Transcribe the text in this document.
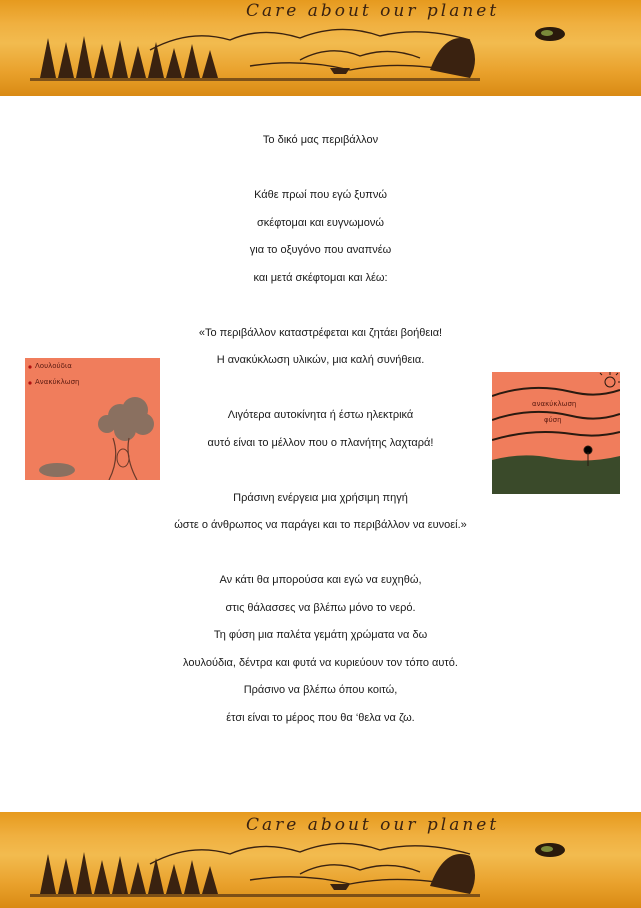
Care about our planet

Το δικό μας περιβάλλον

Κάθε πρωί που εγώ ξυπνώ

σκέφτομαι και ευγνωμονώ

για το οξυγόνο που αναπνέω

και μετά σκέφτομαι και λέω:

«Το περιβάλλον καταστρέφεται και ζητάει βοήθεια!

Η ανακύκλωση υλικών, μια καλή συνήθεια.

Λιγότερα αυτοκίνητα ή έστω ηλεκτρικά

αυτό είναι το μέλλον που ο πλανήτης λαχταρά!

Πράσινη ενέργεια μια χρήσιμη πηγή

ώστε ο άνθρωπος να παράγει και το περιβάλλον να ευνοεί.»

Αν κάτι θα μπορούσα και εγώ να ευχηθώ,

στις θάλασσες να βλέπω μόνο το νερό.

Τη φύση μια παλέτα γεμάτη χρώματα να δω

λουλούδια, δέντρα και φυτά να κυριεύουν τον τόπο αυτό.

Πράσινο να βλέπω όπου κοιτώ,

έτσι είναι το μέρος που θα ‘θελα να ζω.

Λουλούδια
Ανακύκλωση
ανακύκλωση
φύση
Care about our planet
